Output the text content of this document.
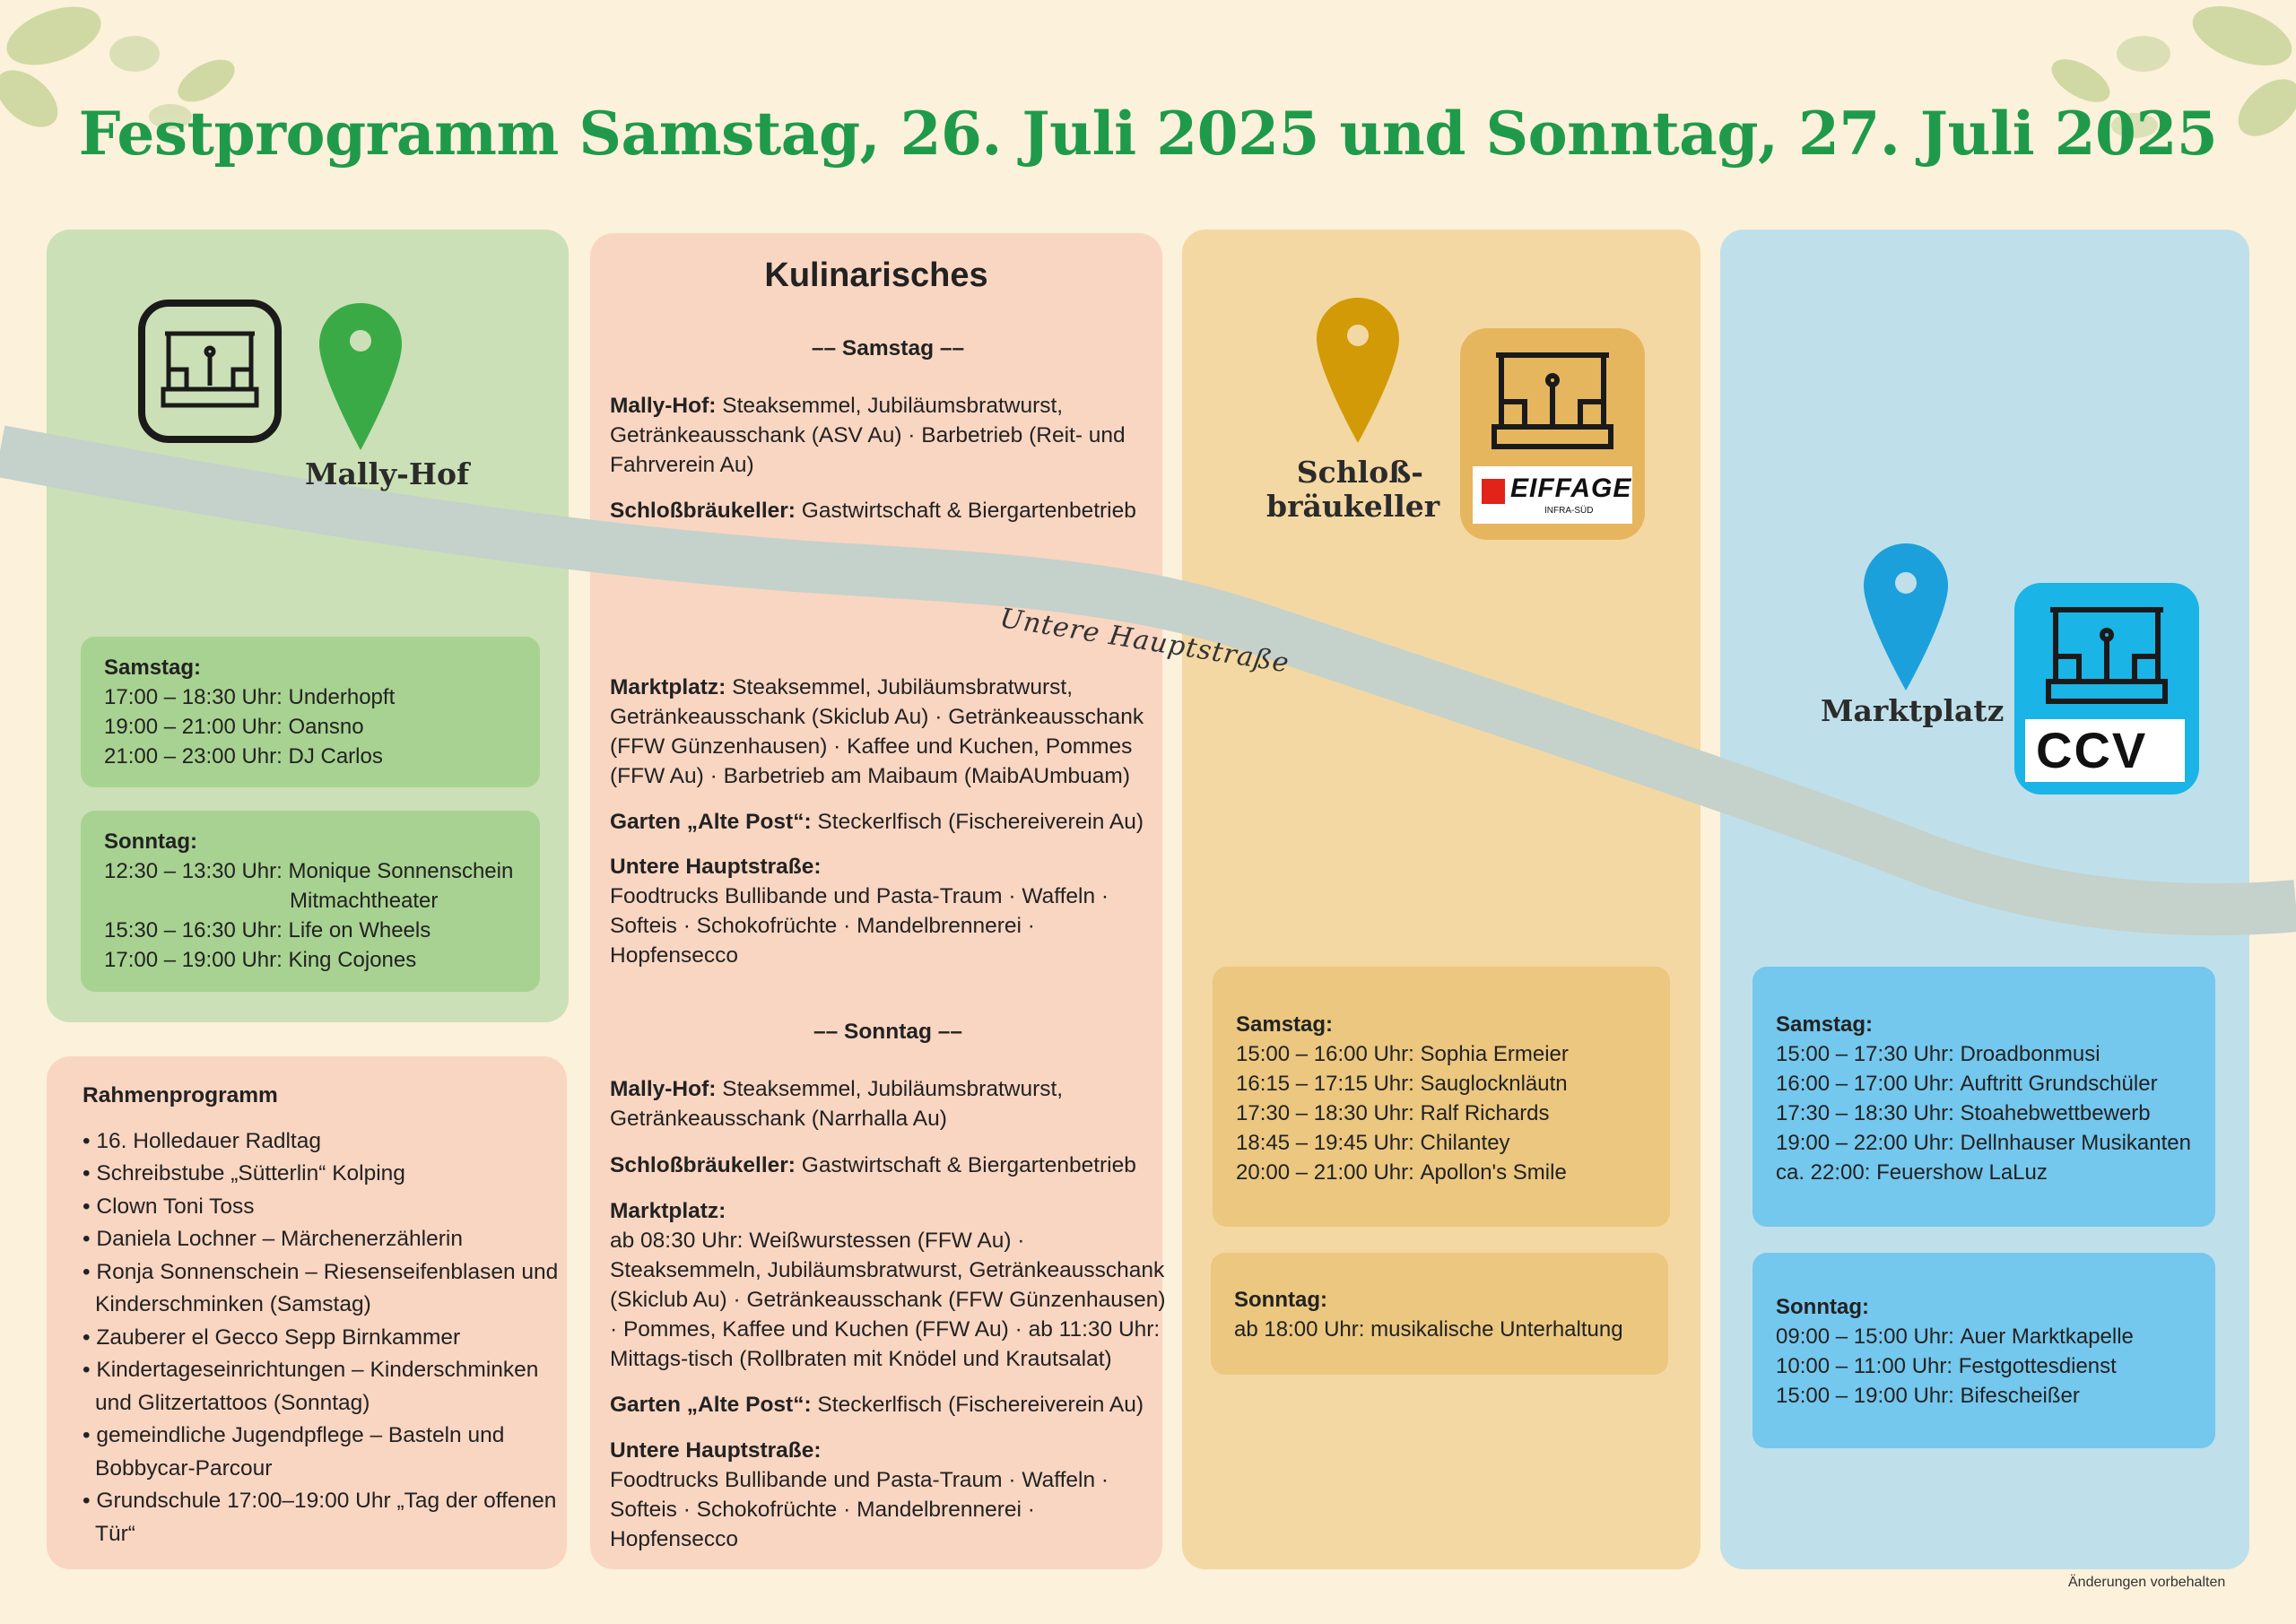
Festprogramm Samstag, 26. Juli 2025 und Sonntag, 27. Juli 2025
Untere Hauptstraße
Mally-Hof
Samstag:
17:00 – 18:30 Uhr:
Underhopft
19:00 – 21:00 Uhr:
Oansno
21:00 – 23:00 Uhr:
DJ Carlos
Sonntag:
12:30 – 13:30 Uhr:
Monique Sonnenschein
Mitmachtheater
15:30 – 16:30 Uhr:
Life on Wheels
17:00 – 19:00 Uhr:
King Cojones
Rahmenprogramm
• 16. Holledauer Radltag
• Schreibstube „Sütterlin“ Kolping
• Clown Toni Toss
• Daniela Lochner – Märchenerzählerin
• Ronja Sonnenschein – Riesenseifenblasen und Kinderschminken (Samstag)
• Zauberer el Gecco Sepp Birnkammer
• Kindertageseinrichtungen – Kinderschminken und Glitzertattoos (Sonntag)
• gemeindliche Jugendpflege – Basteln und Bobbycar-Parcour
• Grundschule 17:00–19:00 Uhr „Tag der offenen Tür“
Kulinarisches
–– Samstag ––
Mally-Hof: Steaksemmel, Jubiläumsbratwurst, Getränkeausschank (ASV Au) · Barbetrieb (Reit- und Fahrverein Au)
Schloßbräukeller: Gastwirtschaft & Biergartenbetrieb
Marktplatz: Steaksemmel, Jubiläumsbratwurst, Getränkeausschank (Skiclub Au) · Getränkeausschank (FFW Günzenhausen) · Kaffee und Kuchen, Pommes (FFW Au) · Barbetrieb am Maibaum (MaibAUmbuam)
Garten „Alte Post“: Steckerlfisch (Fischereiverein Au)
Untere Hauptstraße:
Foodtrucks Bullibande und Pasta-Traum · Waffeln · Softeis · Schokofrüchte · Mandelbrennerei · Hopfensecco
–– Sonntag ––
Mally-Hof: Steaksemmel, Jubiläumsbratwurst, Getränkeausschank (Narrhalla Au)
Schloßbräukeller: Gastwirtschaft & Biergartenbetrieb
Marktplatz:
ab 08:30 Uhr: Weißwurstessen (FFW Au) · Steaksemmeln, Jubiläumsbratwurst, Getränkeausschank (Skiclub Au) · Getränkeausschank (FFW Günzenhausen) · Pommes, Kaffee und Kuchen (FFW Au) · ab 11:30 Uhr: Mittags-tisch (Rollbraten mit Knödel und Krautsalat)
Garten „Alte Post“: Steckerlfisch (Fischereiverein Au)
Untere Hauptstraße:
Foodtrucks Bullibande und Pasta-Traum · Waffeln · Softeis · Schokofrüchte · Mandelbrennerei · Hopfensecco
Schloß-
bräukeller
EIFFAGE
INFRA-SÜD
Samstag:
15:00 – 16:00 Uhr:
Sophia Ermeier
16:15 – 17:15 Uhr:
Sauglocknläutn
17:30 – 18:30 Uhr:
Ralf Richards
18:45 – 19:45 Uhr:
Chilantey
20:00 – 21:00 Uhr:
Apollon's Smile
Sonntag:
ab 18:00 Uhr: musikalische Unterhaltung
Marktplatz
CCV
Samstag:
15:00 – 17:30 Uhr:
Droadbonmusi
16:00 – 17:00 Uhr:
Auftritt Grundschüler
17:30 – 18:30 Uhr:
Stoahebwettbewerb
19:00 – 22:00 Uhr:
Dellnhauser Musikanten
ca. 22:00:
Feuershow LaLuz
Sonntag:
09:00 – 15:00 Uhr:
Auer Marktkapelle
10:00 – 11:00 Uhr:
Festgottesdienst
15:00 – 19:00 Uhr:
Bifescheißer
Änderungen vorbehalten
